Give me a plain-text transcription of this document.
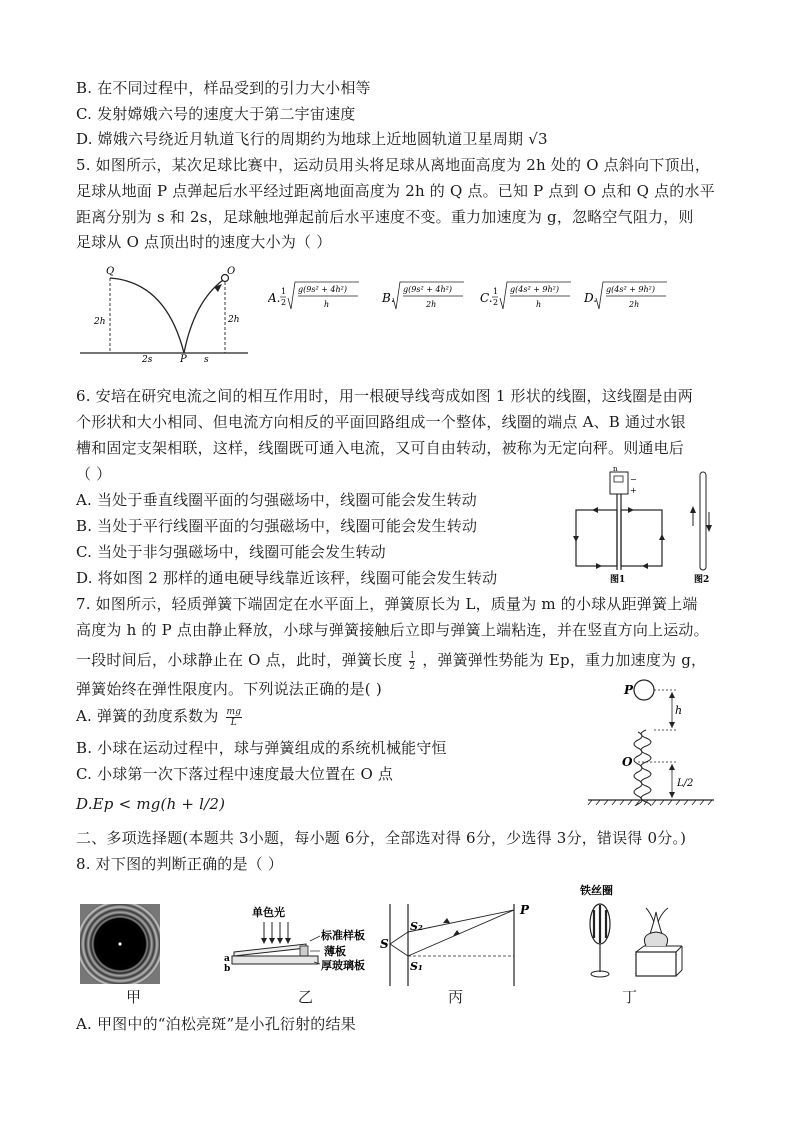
B. 在不同过程中，样品受到的引力大小相等
C. 发射嫦娥六号的速度大于第二宇宙速度
D. 嫦娥六号绕近月轨道飞行的周期约为地球上近地圆轨道卫星周期 √3
5. 如图所示，某次足球比赛中，运动员用头将足球从离地面高度为 2h 处的 O 点斜向下顶出，
足球从地面 P 点弹起后水平经过距离地面高度为 2h 的 Q 点。已知 P 点到 O 点和 Q 点的水平
距离分别为 s 和 2s，足球触地弹起前后水平速度不变。重力加速度为 g，忽略空气阻力，则
足球从 O 点顶出时的速度大小为（ ）
Q	O
P
2h	2h
2s	s
A. 1
2
g(9s² + 4h²)
h	B.
g(9s² + 4h²)
2h	C. 1
2
g(4s² + 9h²)
h	D.
g(4s² + 9h²)
2h
6. 安培在研究电流之间的相互作用时，用一根硬导线弯成如图 1 形状的线圈，这线圈是由两
个形状和大小相同、但电流方向相反的平面回路组成一个整体，线圈的端点 A、B 通过水银
槽和固定支架相联，这样，线圈既可通入电流，又可自由转动，被称为无定向秤。则通电后
（ ）
A. 当处于垂直线圈平面的匀强磁场中，线圈可能会发生转动
B. 当处于平行线圈平面的匀强磁场中，线圈可能会发生转动
C. 当处于非匀强磁场中，线圈可能会发生转动
D. 将如图 2 那样的通电硬导线靠近该秤，线圈可能会发生转动
n
−
+
图1	图2
7. 如图所示，轻质弹簧下端固定在水平面上，弹簧原长为 L，质量为 m 的小球从距弹簧上端
高度为 h 的 P 点由静止释放，小球与弹簧接触后立即与弹簧上端粘连，并在竖直方向上运动。
一段时间后，小球静止在 O 点，此时，弹簧长度 $\frac{l}{2}$ ，弹簧弹性势能为 Ep，重力加速度为 g，
弹簧始终在弹性限度内。下列说法正确的是( )
A. 弹簧的劲度系数为 $\frac{mg}{L}$
B. 小球在运动过程中，球与弹簧组成的系统机械能守恒
C. 小球第一次下落过程中速度最大位置在 O 点
D.Ep < mg(h + l/2)
P
h
O
L/2
二、多项选择题(本题共 3小题，每小题 6分，全部选对得 6分，少选得 3分，错误得 0分。)
8. 对下图的判断正确的是（ ）
单色光
标准样板
薄板
厚玻璃板
a
b
S
S₂
S₁
P
铁丝圈
甲	乙	丙	丁
A. 甲图中的“泊松亮斑”是小孔衍射的结果
